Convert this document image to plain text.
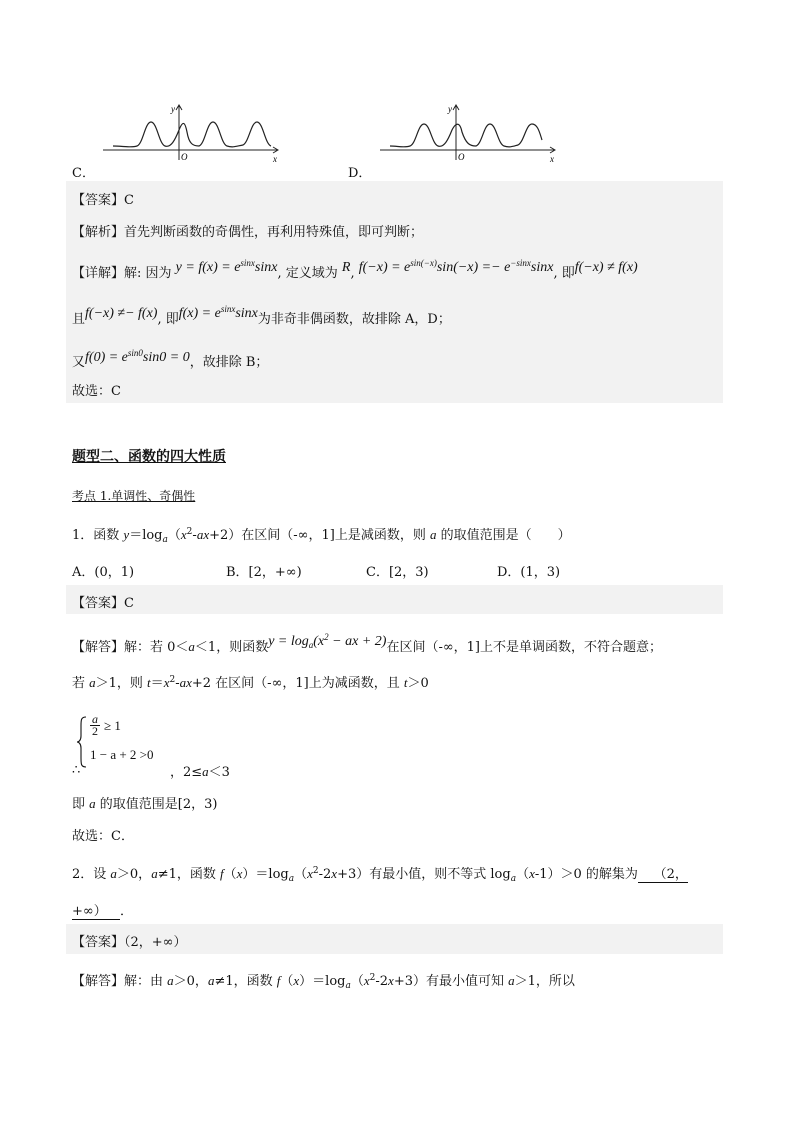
y
x
O
C．
y
x
O
D．
【答案】C
【解析】首先判断函数的奇偶性，再利用特殊值，即可判断；
【详解】解: 因为 $y = f(x) = e^{sinx}\sin x$, 定义域为 R, $f(-x) = e^{sin(-x)}\sin(-x) =- e^{-sinx}\sin x$, 即f(−x) ≠ f(x)
且f(−x) ≠− f(x), 即$f(x) = e^{sinx}\sin x$为非奇非偶函数，故排除 A，D；
又$f(0) = e^{sin0}\sin 0 = 0$，故排除 B；
故选：C
题型二、函数的四大性质
考点 1.单调性、奇偶性
1．函数 $y=\log_a(x^2-ax+2)$在区间（-∞，1]上是减函数，则 a 的取值范围是（　　）
A．(0，1)	B．[2，+∞)	C．[2，3)	D．(1，3)
【答案】C
【解答】解：若 0＜a＜1，则函数$y = \log_a(x^2$ − ax + 2)在区间（-∞，1]上不是单调函数，不符合题意；
若 a＞1，则 $t=x^2-ax+2$ 在区间（-∞，1]上为减函数，且 t＞0
$\frac{a}{2} \ge 1$
1 − a + 2 >0
∴	，2≤a＜3
即 a 的取值范围是[2，3)
故选：C．
2．设 a＞0，a≠1，函数 $f(x)=\log_a(x^2-2x+3)$有最小值，则不等式 $\log_a(x-1)>0$ 的解集为 （2，
+∞） ．
【答案】（2，+∞）
【解答】解：由 a＞0，a≠1，函数 $f(x)=\log_a(x^2-2x+3)$有最小值可知 a＞1，所以
